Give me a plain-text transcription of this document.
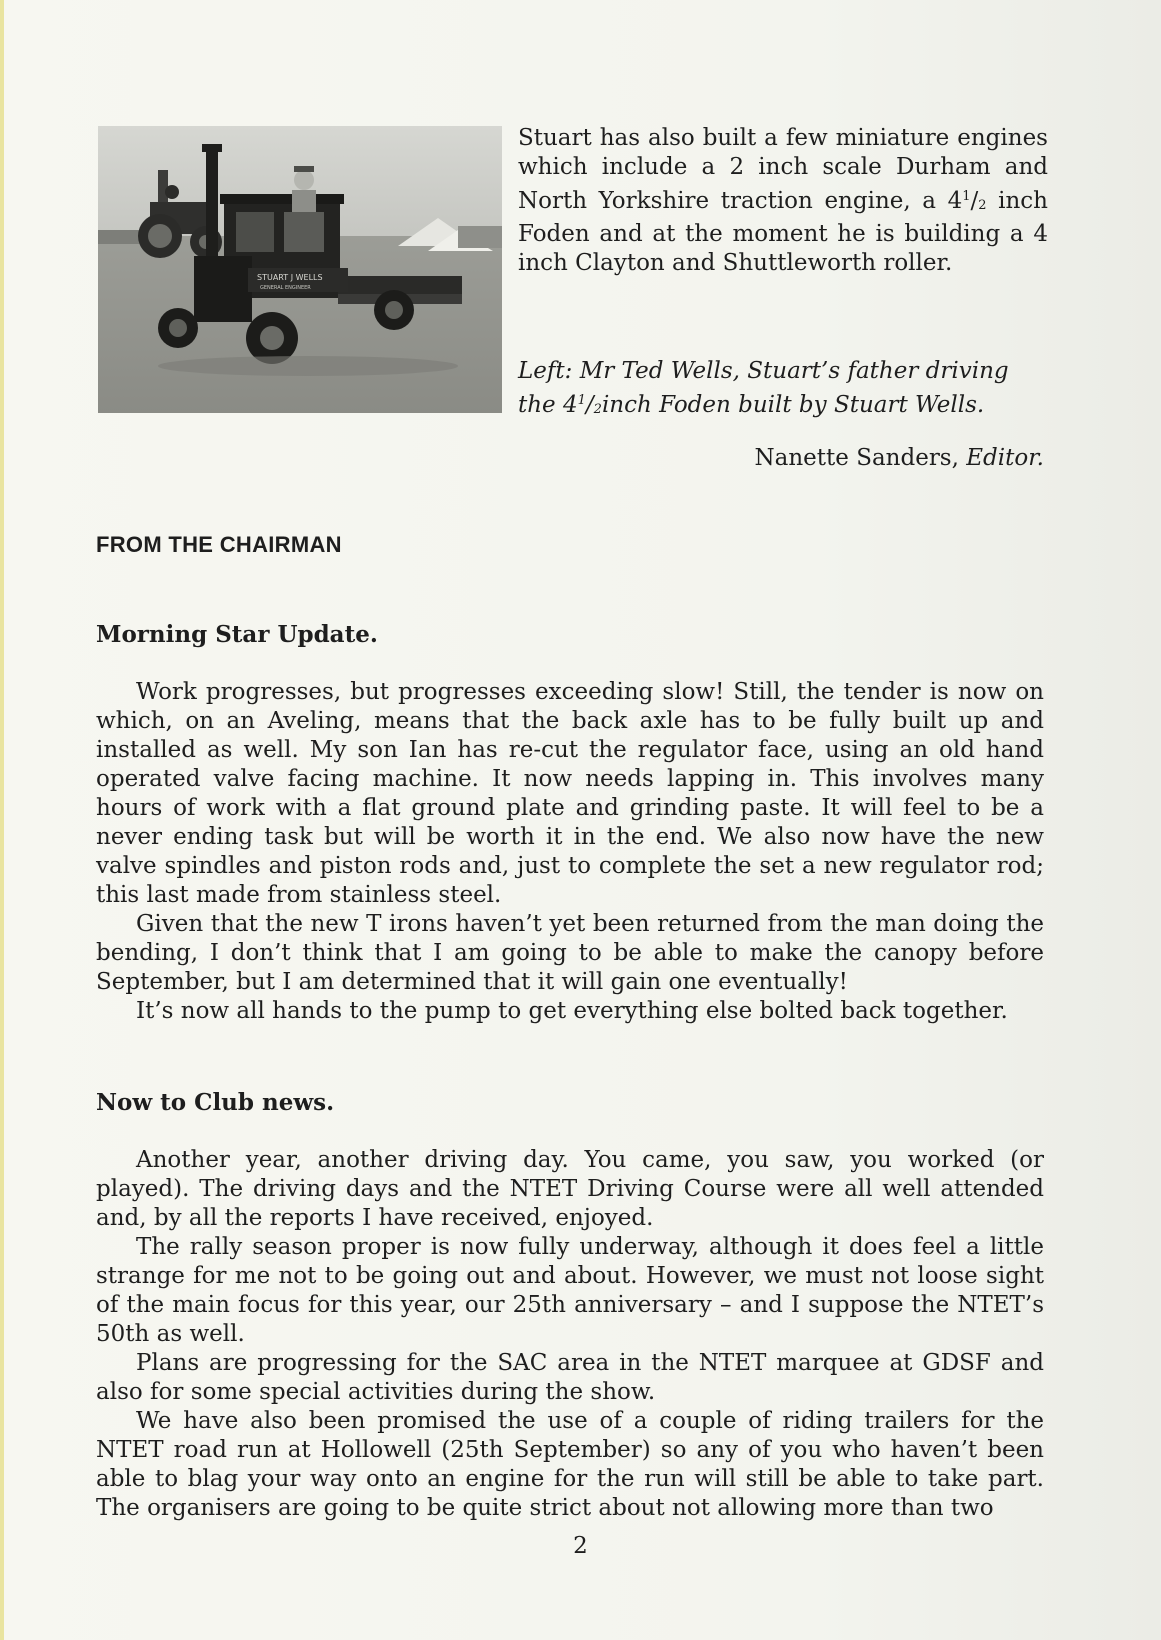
STUART J WELLS
GENERAL ENGINEER
Stuart has also built a few miniature engines which include a 2 inch scale Durham and North Yorkshire traction engine, a $4^1/_2$ inch Foden and at the moment he is building a 4 inch Clayton and Shuttleworth roller.
Left: Mr Ted Wells, Stuart’s father driving the $4^1/_2inch$ Foden built by Stuart Wells.
Nanette Sanders, Editor.
FROM THE CHAIRMAN
Morning Star Update.

Work progresses, but progresses exceeding slow! Still, the tender is now on which, on an Aveling, means that the back axle has to be fully built up and installed as well. My son Ian has re-cut the regulator face, using an old hand operated valve facing machine. It now needs lapping in. This involves many hours of work with a flat ground plate and grinding paste. It will feel to be a never ending task but will be worth it in the end. We also now have the new valve spindles and piston rods and, just to complete the set a new regulator rod; this last made from stainless steel.

Given that the new T irons haven’t yet been returned from the man doing the bending, I don’t think that I am going to be able to make the canopy before September, but I am determined that it will gain one eventually!

It’s now all hands to the pump to get everything else bolted back together.

Now to Club news.

Another year, another driving day. You came, you saw, you worked (or played). The driving days and the NTET Driving Course were all well attended and, by all the reports I have received, enjoyed.

The rally season proper is now fully underway, although it does feel a little strange for me not to be going out and about. However, we must not loose sight of the main focus for this year, our 25th anniversary – and I suppose the NTET’s 50th as well.

Plans are progressing for the SAC area in the NTET marquee at GDSF and also for some special activities during the show.

We have also been promised the use of a couple of riding trailers for the NTET road run at Hollowell (25th September) so any of you who haven’t been able to blag your way onto an engine for the run will still be able to take part. The organisers are going to be quite strict about not allowing more than two

2
